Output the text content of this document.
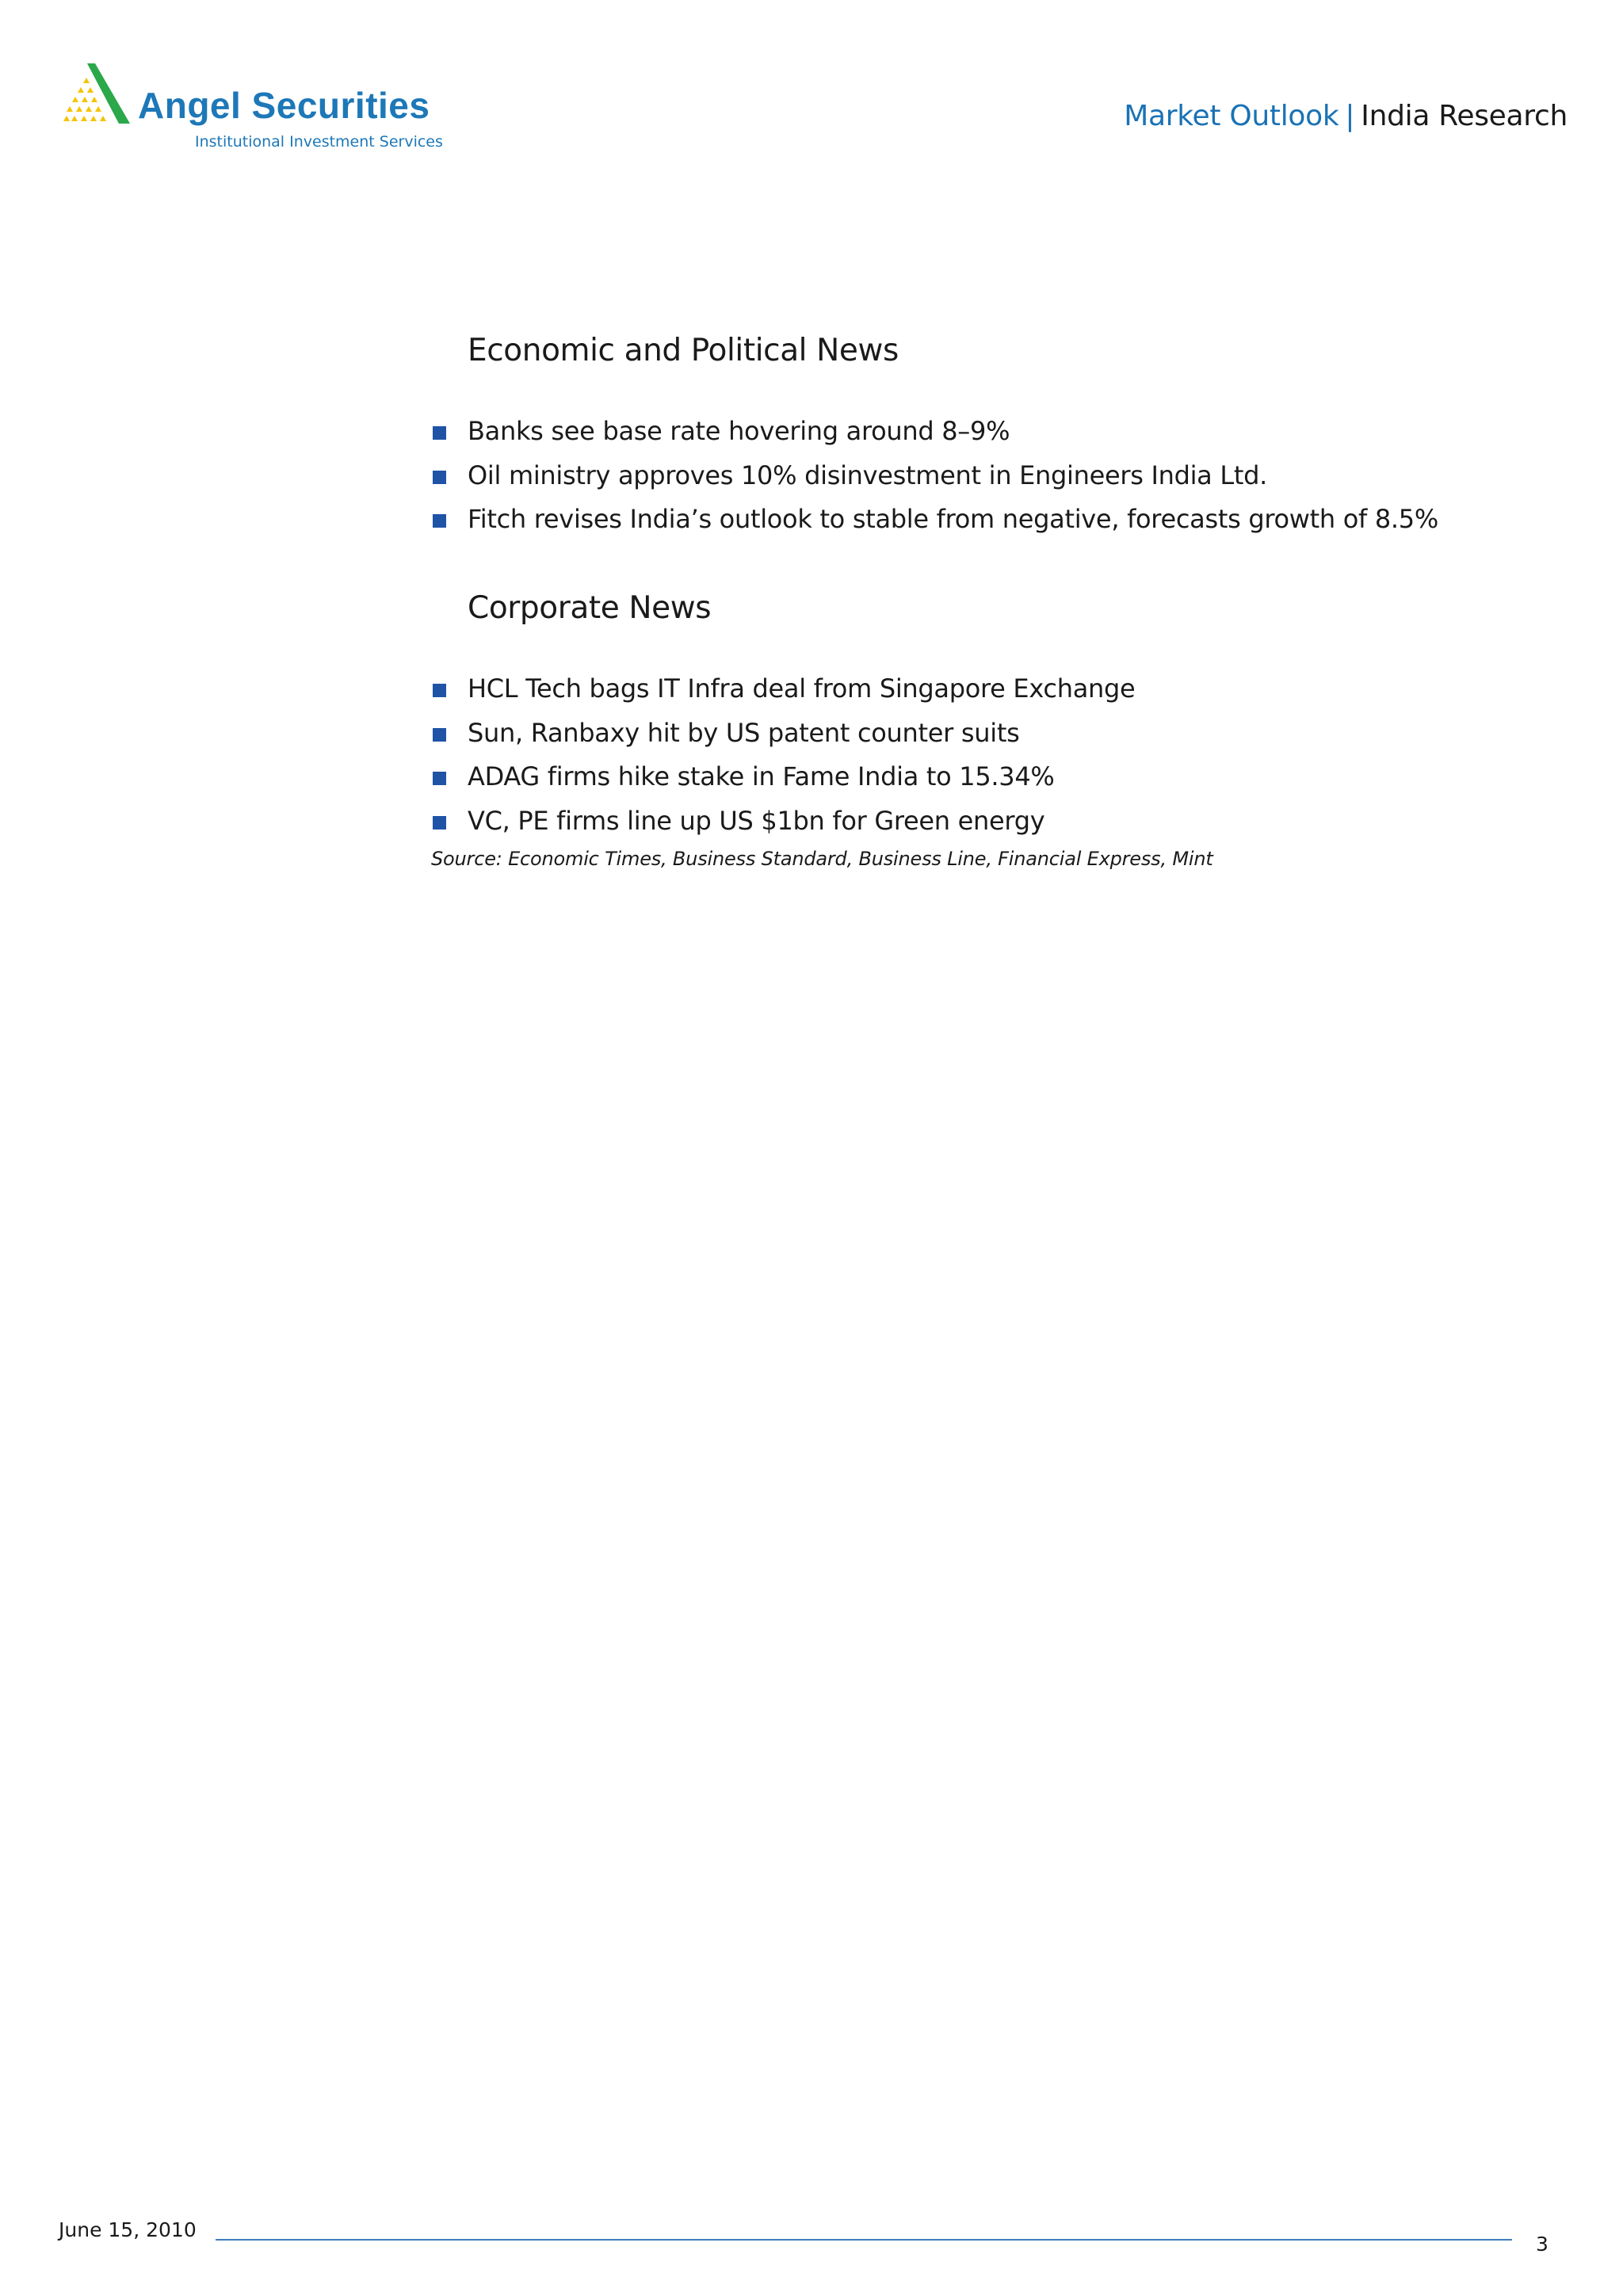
Angel Securities
Institutional Investment Services
Market Outlook | India Research
Economic and Political News
Banks see base rate hovering around 8–9%
Oil ministry approves 10% disinvestment in Engineers India Ltd.
Fitch revises India’s outlook to stable from negative, forecasts growth of 8.5%
Corporate News
HCL Tech bags IT Infra deal from Singapore Exchange
Sun, Ranbaxy hit by US patent counter suits
ADAG firms hike stake in Fame India to 15.34%
VC, PE firms line up US $1bn for Green energy
Source: Economic Times, Business Standard, Business Line, Financial Express, Mint
June 15, 2010
3
